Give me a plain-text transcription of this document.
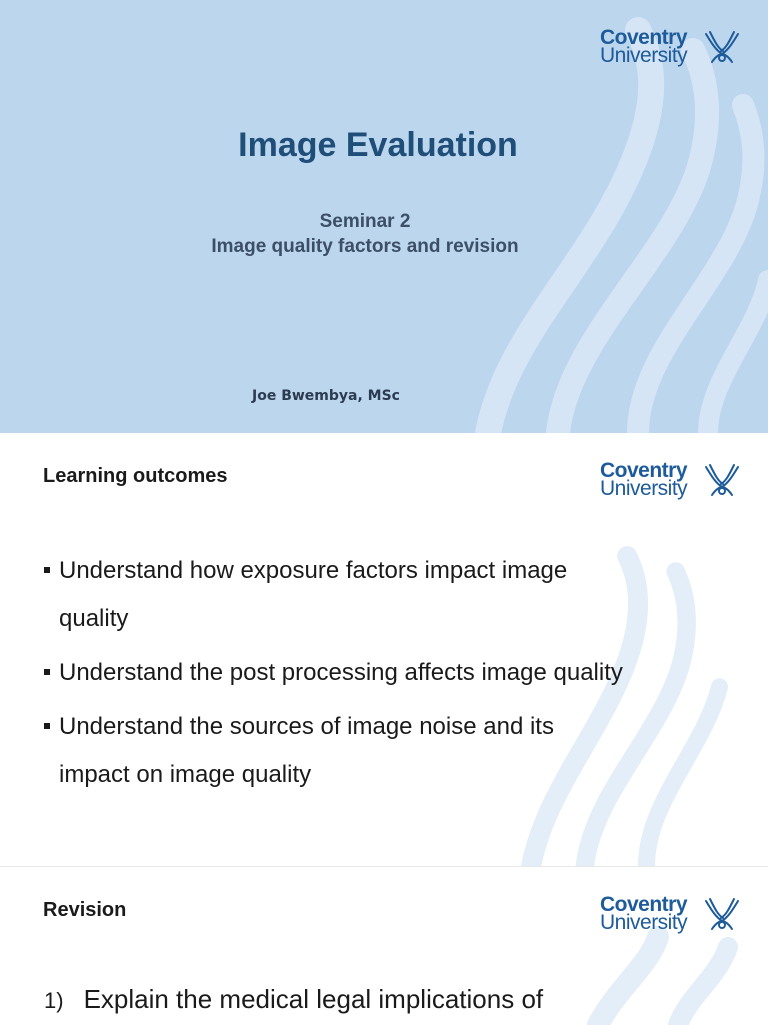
Coventry
University
Image Evaluation
Seminar 2
Image quality factors and revision
Joe Bwembya, MSc
Learning outcomes	Coventry
University
Understand how exposure factors impact image
quality
Understand the post processing affects image quality
Understand the sources of image noise and its
impact on image quality
Revision	Coventry
University
1) Explain the medical legal implications of
